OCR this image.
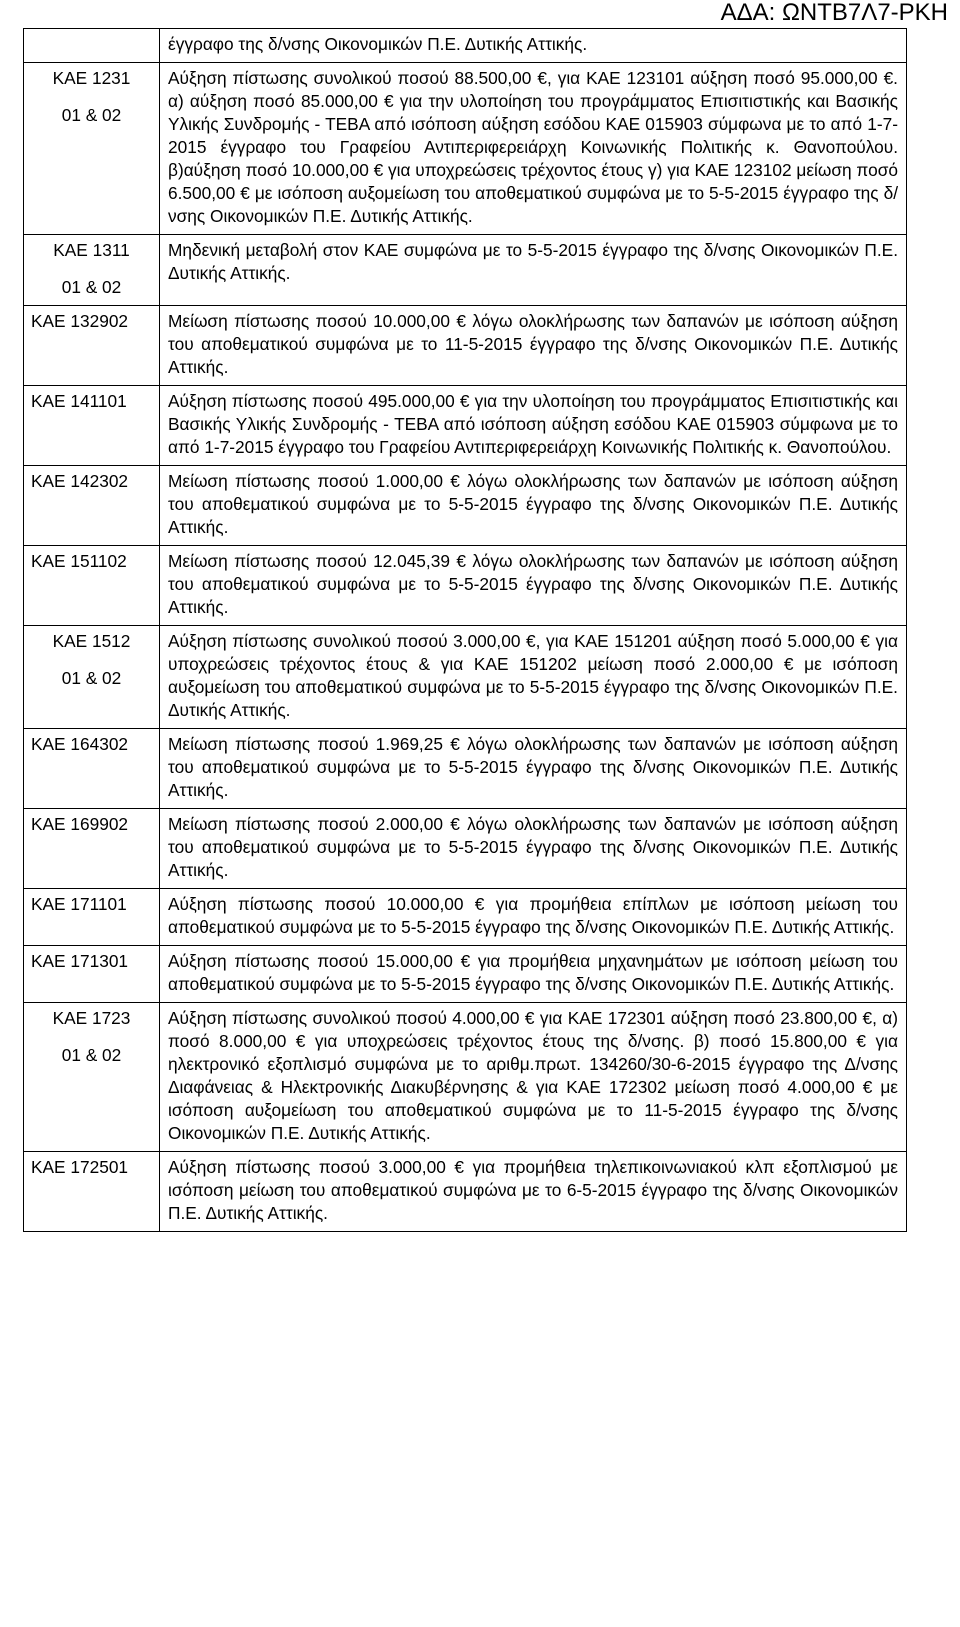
ΑΔΑ: ΩΝΤΒ7Λ7-ΡΚΗ
	έγγραφο της δ/νσης Οικονομικών Π.Ε. Δυτικής Αττικής.

ΚΑΕ 1231
01 & 02	Αύξηση πίστωσης συνολικού ποσού 88.500,00 €, για ΚΑΕ 123101 αύξηση ποσό 95.000,00 €. α) αύξηση ποσό 85.000,00 € για την υλοποίηση του προγράμματος Επισιτιστικής και Βασικής Υλικής Συνδρομής - ΤΕΒΑ από ισόποση αύξηση εσόδου ΚΑΕ 015903 σύμφωνα με το από 1-7-2015 έγγραφο του Γραφείου Αντιπεριφερειάρχη Κοινωνικής Πολιτικής κ. Θανοπούλου. β)αύξηση ποσό 10.000,00 € για υποχρεώσεις τρέχοντος έτους γ) για ΚΑΕ 123102 μείωση ποσό 6.500,00 € με ισόποση αυξομείωση του αποθεματικού συμφώνα με το 5-5-2015 έγγραφο της δ/νσης Οικονομικών Π.Ε. Δυτικής Αττικής.

ΚΑΕ 1311
01 & 02	Μηδενική μεταβολή στον ΚΑΕ συμφώνα με το 5-5-2015 έγγραφο της δ/νσης Οικονομικών Π.Ε. Δυτικής Αττικής.

ΚΑΕ 132902	Μείωση πίστωσης ποσού 10.000,00 € λόγω ολοκλήρωσης των δαπανών με ισόποση αύξηση του αποθεματικού συμφώνα με το 11-5-2015 έγγραφο της δ/νσης Οικονομικών Π.Ε. Δυτικής Αττικής.

ΚΑΕ 141101	Αύξηση πίστωσης ποσού 495.000,00 € για την υλοποίηση του προγράμματος Επισιτιστικής και Βασικής Υλικής Συνδρομής - ΤΕΒΑ από ισόποση αύξηση εσόδου ΚΑΕ 015903 σύμφωνα με το από 1-7-2015 έγγραφο του Γραφείου Αντιπεριφερειάρχη Κοινωνικής Πολιτικής κ. Θανοπούλου.

ΚΑΕ 142302	Μείωση πίστωσης ποσού 1.000,00 € λόγω ολοκλήρωσης των δαπανών με ισόποση αύξηση του αποθεματικού συμφώνα με το 5-5-2015 έγγραφο της δ/νσης Οικονομικών Π.Ε. Δυτικής Αττικής.

ΚΑΕ 151102	Μείωση πίστωσης ποσού 12.045,39 € λόγω ολοκλήρωσης των δαπανών με ισόποση αύξηση του αποθεματικού συμφώνα με το 5-5-2015 έγγραφο της δ/νσης Οικονομικών Π.Ε. Δυτικής Αττικής.

ΚΑΕ 1512
01 & 02	Αύξηση πίστωσης συνολικού ποσού 3.000,00 €, για ΚΑΕ 151201 αύξηση ποσό 5.000,00 € για υποχρεώσεις τρέχοντος έτους & για ΚΑΕ 151202 μείωση ποσό 2.000,00 € με ισόποση αυξομείωση του αποθεματικού συμφώνα με το 5-5-2015 έγγραφο της δ/νσης Οικονομικών Π.Ε. Δυτικής Αττικής.

ΚΑΕ 164302	Μείωση πίστωσης ποσού 1.969,25 € λόγω ολοκλήρωσης των δαπανών με ισόποση αύξηση του αποθεματικού συμφώνα με το 5-5-2015 έγγραφο της δ/νσης Οικονομικών Π.Ε. Δυτικής Αττικής.

ΚΑΕ 169902	Μείωση πίστωσης ποσού 2.000,00 € λόγω ολοκλήρωσης των δαπανών με ισόποση αύξηση του αποθεματικού συμφώνα με το 5-5-2015 έγγραφο της δ/νσης Οικονομικών Π.Ε. Δυτικής Αττικής.

ΚΑΕ 171101	Αύξηση πίστωσης ποσού 10.000,00 € για προμήθεια επίπλων με ισόποση μείωση του αποθεματικού συμφώνα με το 5-5-2015 έγγραφο της δ/νσης Οικονομικών Π.Ε. Δυτικής Αττικής.

ΚΑΕ 171301	Αύξηση πίστωσης ποσού 15.000,00 € για προμήθεια μηχανημάτων με ισόποση μείωση του αποθεματικού συμφώνα με το 5-5-2015 έγγραφο της δ/νσης Οικονομικών Π.Ε. Δυτικής Αττικής.

ΚΑΕ 1723
01 & 02	Αύξηση πίστωσης συνολικού ποσού 4.000,00 € για ΚΑΕ 172301 αύξηση ποσό 23.800,00 €, α) ποσό 8.000,00 € για υποχρεώσεις τρέχοντος έτους της δ/νσης. β) ποσό 15.800,00 € για ηλεκτρονικό εξοπλισμό συμφώνα με το αριθμ.πρωτ. 134260/30-6-2015 έγγραφο της Δ/νσης Διαφάνειας & Ηλεκτρονικής Διακυβέρνησης & για ΚΑΕ 172302 μείωση ποσό 4.000,00 € με ισόποση αυξομείωση του αποθεματικού συμφώνα με το 11-5-2015 έγγραφο της δ/νσης Οικονομικών Π.Ε. Δυτικής Αττικής.

ΚΑΕ 172501	Αύξηση πίστωσης ποσού 3.000,00 € για προμήθεια τηλεπικοινωνιακού κλπ εξοπλισμού με ισόποση μείωση του αποθεματικού συμφώνα με το 6-5-2015 έγγραφο της δ/νσης Οικονομικών Π.Ε. Δυτικής Αττικής.
